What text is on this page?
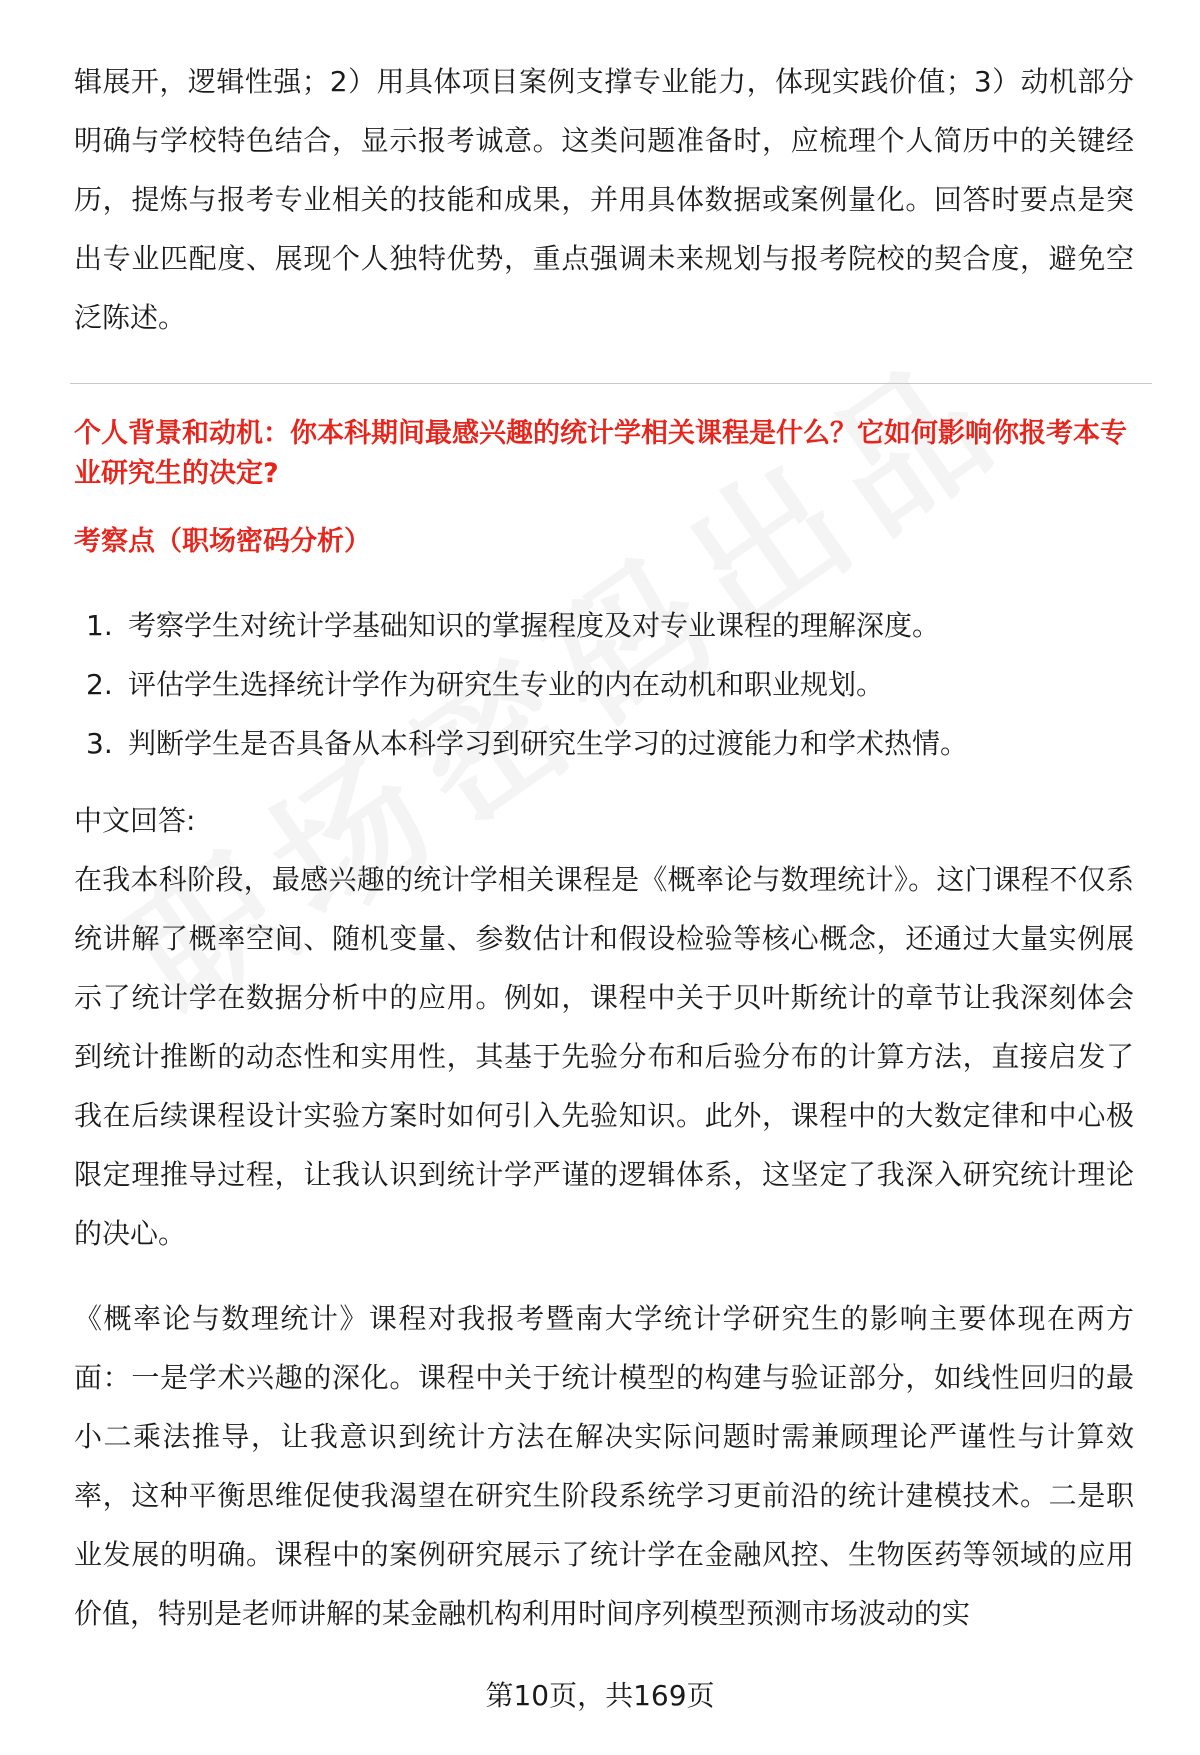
辑展开，逻辑性强；2）用具体项目案例支撑专业能力，体现实践价值；3）动机部分明确与学校特色结合，显示报考诚意。这类问题准备时，应梳理个人简历中的关键经历，提炼与报考专业相关的技能和成果，并用具体数据或案例量化。回答时要点是突出专业匹配度、展现个人独特优势，重点强调未来规划与报考院校的契合度，避免空泛陈述。

个人背景和动机：你本科期间最感兴趣的统计学相关课程是什么？它如何影响你报考本专业研究生的决定?
考察点（职场密码分析）
1. 考察学生对统计学基础知识的掌握程度及对专业课程的理解深度。
2. 评估学生选择统计学作为研究生专业的内在动机和职业规划。
3. 判断学生是否具备从本科学习到研究生学习的过渡能力和学术热情。
中文回答:

在我本科阶段，最感兴趣的统计学相关课程是《概率论与数理统计》。这门课程不仅系统讲解了概率空间、随机变量、参数估计和假设检验等核心概念，还通过大量实例展示了统计学在数据分析中的应用。例如，课程中关于贝叶斯统计的章节让我深刻体会到统计推断的动态性和实用性，其基于先验分布和后验分布的计算方法，直接启发了我在后续课程设计实验方案时如何引入先验知识。此外，课程中的大数定律和中心极限定理推导过程，让我认识到统计学严谨的逻辑体系，这坚定了我深入研究统计理论的决心。

《概率论与数理统计》课程对我报考暨南大学统计学研究生的影响主要体现在两方面：一是学术兴趣的深化。课程中关于统计模型的构建与验证部分，如线性回归的最小二乘法推导，让我意识到统计方法在解决实际问题时需兼顾理论严谨性与计算效率，这种平衡思维促使我渴望在研究生阶段系统学习更前沿的统计建模技术。二是职业发展的明确。课程中的案例研究展示了统计学在金融风控、生物医药等领域的应用价值，特别是老师讲解的某金融机构利用时间序列模型预测市场波动的实

第10页，共169页
